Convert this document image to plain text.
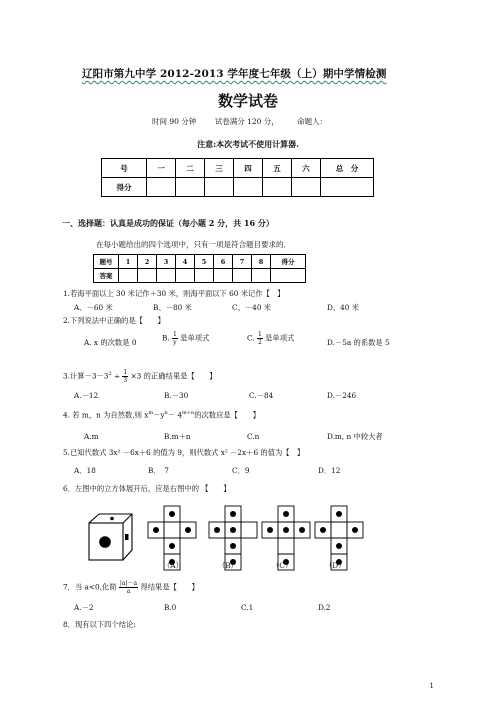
辽阳市第九中学 2012-2013 学年度七年级（上）期中学情检测
数学试卷
时间 90 分钟 试卷满分 120 分， 命题人：
注意:本次考试不使用计算器.
号	一	二	三	四	五	六	总　分
得分							
一、选择题：认真是成功的保证（每小题 2 分，共 16 分）
在每小题给出的四个选项中，只有一项是符合题目要求的．
题号	1	2	3	4	5	6	7	8	得分
答案									
1.若海平面以上 30 米记作＋30 米，则海平面以下 60 米记作【　】
A、－60 米	B、－80 米	C、－40 米	D、40 米
2.下列说法中正确的是【　　】
A. x 的次数是 0	B. $\frac{1}{y}$ 是单项式	C. $\frac{1}{2}$ 是单项式	D.－5a 的系数是 5
3.计算$-3-3^2 \div \frac{1}{3} \times 3$ 的正确结果是【　　】
A.－12	B.－30	C.－84	D.－246
4. 若 m，n 为自然数,则 $x^m-y^n- 4^{m+n}$的次数应是【　　】
A.m	B.m＋n	C.n	D.m, n 中较大者
5.已知代数式 3x² －6x＋6 的值为 9，则代数式 x² －2x＋6 的值为【　】
A．18	B．　7	C．9	D．12
6．左图中的立方体展开后，应是右图中的 【　　】
（A）	（B）	（C）	（D）
7．当 a<0,化简 $\frac{|a|-a}{a}$ 得结果是【　　】
A.－2	B.0	C.1	D.2
8．现有以下四个结论:
1
